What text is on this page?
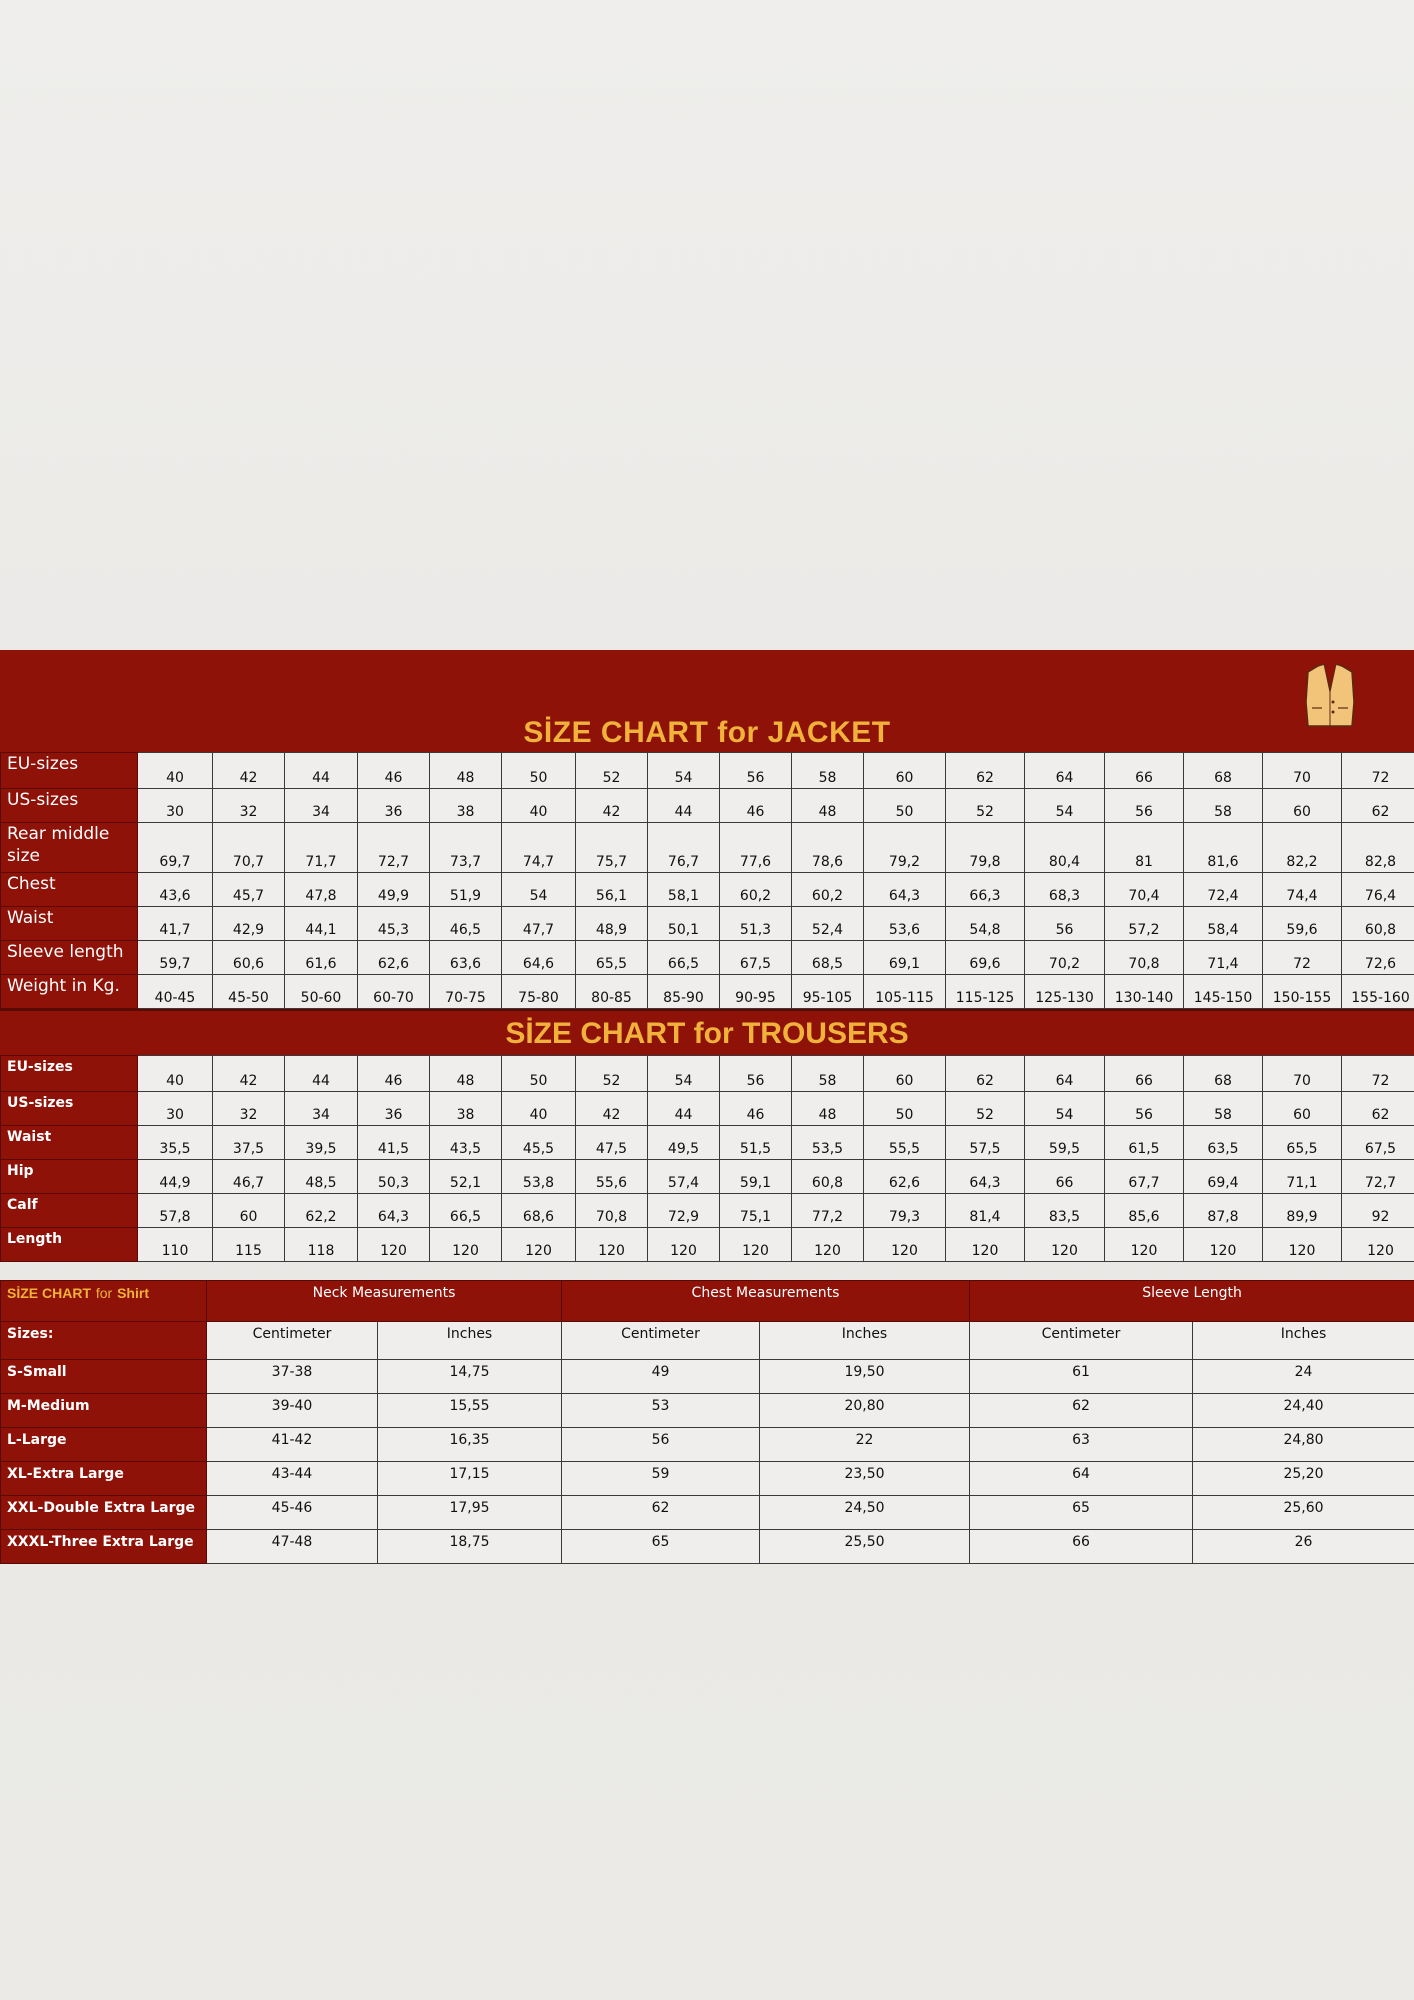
SİZE CHART for JACKET
EU-sizes	40	42	44	46	48	50	52	54	56	58	60	62	64	66	68	70	72
US-sizes	30	32	34	36	38	40	42	44	46	48	50	52	54	56	58	60	62
Rear middle size	69,7	70,7	71,7	72,7	73,7	74,7	75,7	76,7	77,6	78,6	79,2	79,8	80,4	81	81,6	82,2	82,8
Chest	43,6	45,7	47,8	49,9	51,9	54	56,1	58,1	60,2	60,2	64,3	66,3	68,3	70,4	72,4	74,4	76,4
Waist	41,7	42,9	44,1	45,3	46,5	47,7	48,9	50,1	51,3	52,4	53,6	54,8	56	57,2	58,4	59,6	60,8
Sleeve length	59,7	60,6	61,6	62,6	63,6	64,6	65,5	66,5	67,5	68,5	69,1	69,6	70,2	70,8	71,4	72	72,6
Weight in Kg.	40-45	45-50	50-60	60-70	70-75	75-80	80-85	85-90	90-95	95-105	105-115	115-125	125-130	130-140	145-150	150-155	155-160
SİZE CHART for TROUSERS
EU-sizes	40	42	44	46	48	50	52	54	56	58	60	62	64	66	68	70	72
US-sizes	30	32	34	36	38	40	42	44	46	48	50	52	54	56	58	60	62
Waist	35,5	37,5	39,5	41,5	43,5	45,5	47,5	49,5	51,5	53,5	55,5	57,5	59,5	61,5	63,5	65,5	67,5
Hip	44,9	46,7	48,5	50,3	52,1	53,8	55,6	57,4	59,1	60,8	62,6	64,3	66	67,7	69,4	71,1	72,7
Calf	57,8	60	62,2	64,3	66,5	68,6	70,8	72,9	75,1	77,2	79,3	81,4	83,5	85,6	87,8	89,9	92
Length	110	115	118	120	120	120	120	120	120	120	120	120	120	120	120	120	120
SİZE CHART for Shirt	Neck Measurements		Chest Measurements		Sleeve Length	
Sizes:	Centimeter	Inches	Centimeter	Inches	Centimeter	Inches
S-Small	37-38	14,75	49	19,50	61	24
M-Medium	39-40	15,55	53	20,80	62	24,40
L-Large	41-42	16,35	56	22	63	24,80
XL-Extra Large	43-44	17,15	59	23,50	64	25,20
XXL-Double Extra Large	45-46	17,95	62	24,50	65	25,60
XXXL-Three Extra Large	47-48	18,75	65	25,50	66	26
